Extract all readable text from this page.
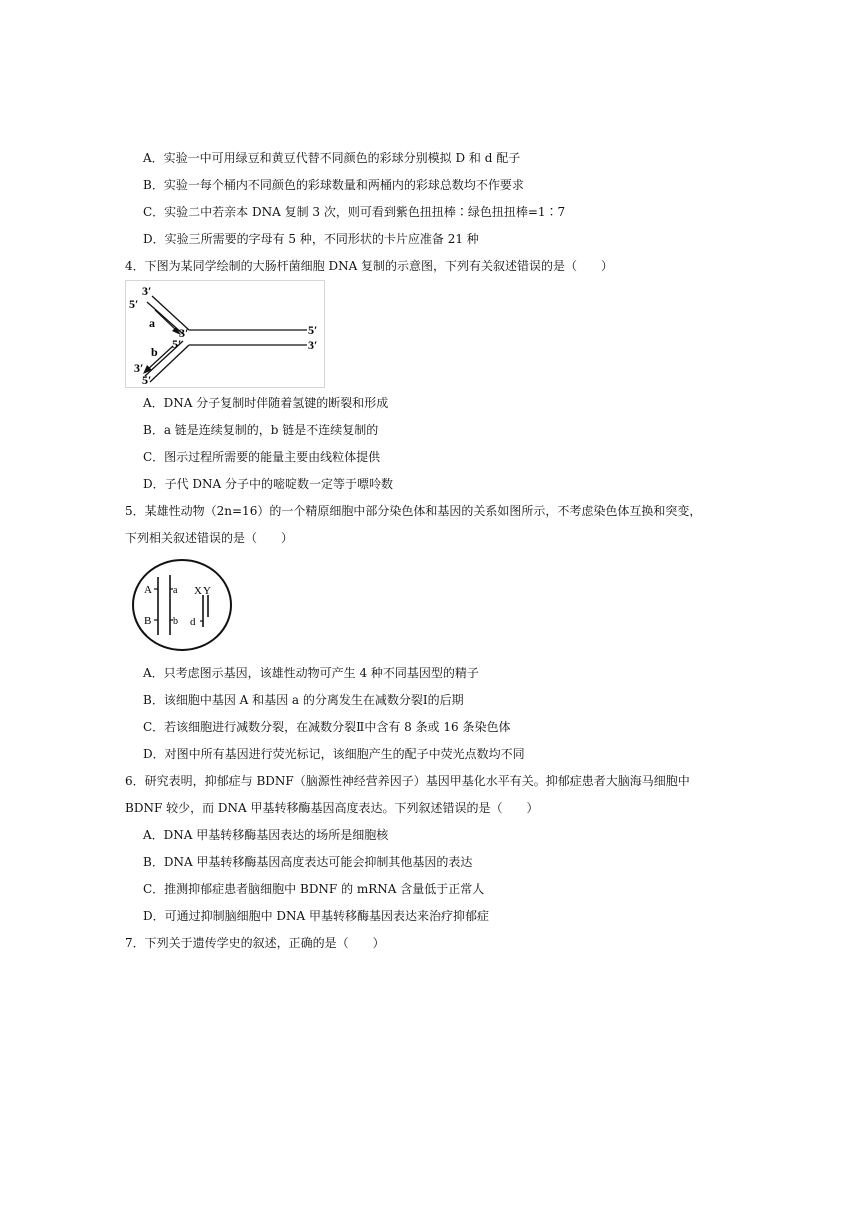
A．实验一中可用绿豆和黄豆代替不同颜色的彩球分别模拟 D 和 d 配子
B．实验一每个桶内不同颜色的彩球数量和两桶内的彩球总数均不作要求
C．实验二中若亲本 DNA 复制 3 次，则可看到紫色扭扭棒∶绿色扭扭棒=1∶7
D．实验三所需要的字母有 5 种，不同形状的卡片应准备 21 种
4．下图为某同学绘制的大肠杆菌细胞 DNA 复制的示意图，下列有关叙述错误的是（　　）
3′
5′
a
3′
5′
b
3′
5′
5′
3′
A．DNA 分子复制时伴随着氢键的断裂和形成
B．a 链是连续复制的，b 链是不连续复制的
C．图示过程所需要的能量主要由线粒体提供
D．子代 DNA 分子中的嘧啶数一定等于嘌呤数
5．某雄性动物（2n=16）的一个精原细胞中部分染色体和基因的关系如图所示，不考虑染色体互换和突变，
下列相关叙述错误的是（　　）
A a
B b
X Y
d
A．只考虑图示基因，该雄性动物可产生 4 种不同基因型的精子
B．该细胞中基因 A 和基因 a 的分离发生在减数分裂Ⅰ的后期
C．若该细胞进行减数分裂，在减数分裂Ⅱ中含有 8 条或 16 条染色体
D．对图中所有基因进行荧光标记，该细胞产生的配子中荧光点数均不同
6．研究表明，抑郁症与 BDNF（脑源性神经营养因子）基因甲基化水平有关。抑郁症患者大脑海马细胞中
BDNF 较少，而 DNA 甲基转移酶基因高度表达。下列叙述错误的是（　　）
A．DNA 甲基转移酶基因表达的场所是细胞核
B．DNA 甲基转移酶基因高度表达可能会抑制其他基因的表达
C．推测抑郁症患者脑细胞中 BDNF 的 mRNA 含量低于正常人
D．可通过抑制脑细胞中 DNA 甲基转移酶基因表达来治疗抑郁症
7．下列关于遗传学史的叙述，正确的是（　　）
